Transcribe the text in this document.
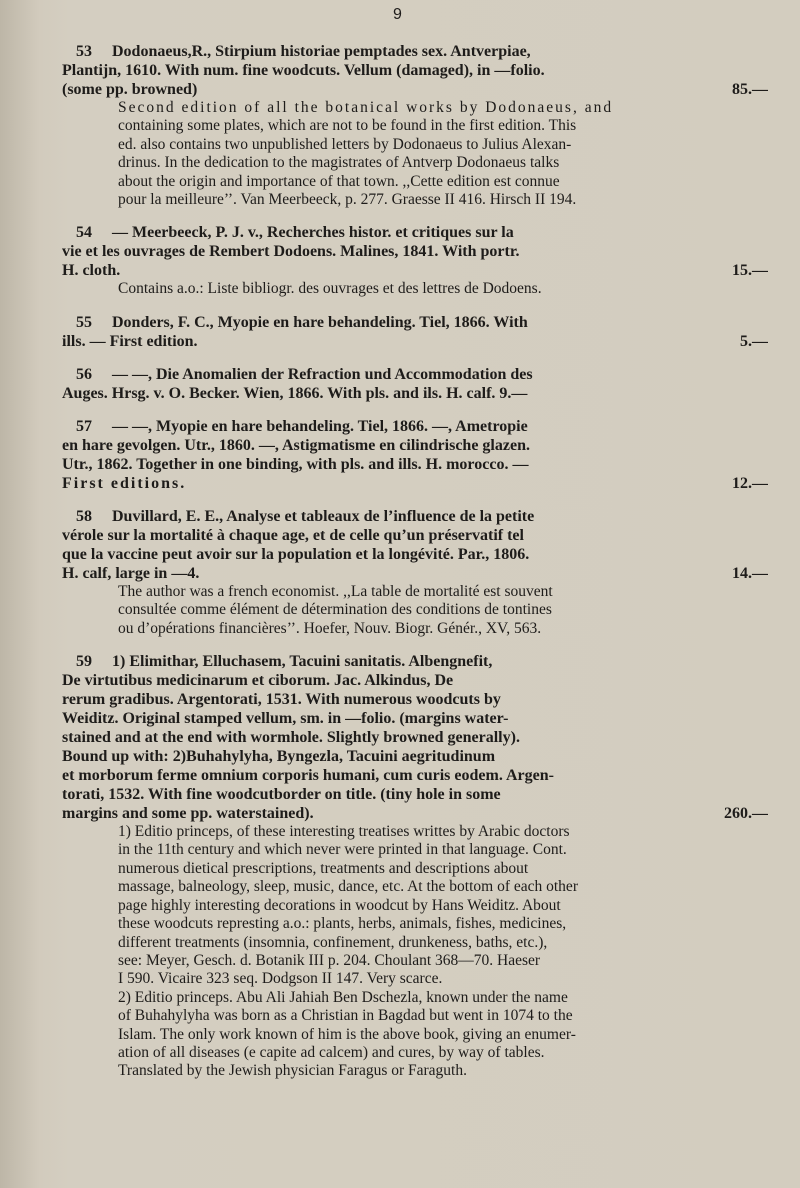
9

53 Dodonaeus,R., Stirpium historiae pemptades sex. Antverpiae,

Plantijn, 1610. With num. fine woodcuts. Vellum (damaged), in —folio.

(some pp. browned)	85.—

Second edition of all the botanical works by Dodonaeus, and

containing some plates, which are not to be found in the first edition. This

ed. also contains two unpublished letters by Dodonaeus to Julius Alexan-

drinus. In the dedication to the magistrates of Antverp Dodonaeus talks

about the origin and importance of that town. ,,Cette edition est connue

pour la meilleure’’. Van Meerbeeck, p. 277. Graesse II 416. Hirsch II 194.

54 — Meerbeeck, P. J. v., Recherches histor. et critiques sur la

vie et les ouvrages de Rembert Dodoens. Malines, 1841. With portr.

H. cloth.	15.—

Contains a.o.: Liste bibliogr. des ouvrages et des lettres de Dodoens.

55 Donders, F. C., Myopie en hare behandeling. Tiel, 1866. With

ills. — First edition.	5.—

56 — —, Die Anomalien der Refraction und Accommodation des

Auges. Hrsg. v. O. Becker. Wien, 1866. With pls. and ils. H. calf. 9.—

57 — —, Myopie en hare behandeling. Tiel, 1866. —, Ametropie

en hare gevolgen. Utr., 1860. —, Astigmatisme en cilindrische glazen.

Utr., 1862. Together in one binding, with pls. and ills. H. morocco. —

First editions.	12.—

58 Duvillard, E. E., Analyse et tableaux de l’influence de la petite

vérole sur la mortalité à chaque age, et de celle qu’un préservatif tel

que la vaccine peut avoir sur la population et la longévité. Par., 1806.

H. calf, large in —4.	14.—

The author was a french economist. ,,La table de mortalité est souvent

consultée comme élément de détermination des conditions de tontines

ou d’opérations financières’’. Hoefer, Nouv. Biogr. Génér., XV, 563.

59 1) Elimithar, Elluchasem, Tacuini sanitatis. Albengnefit,

De virtutibus medicinarum et ciborum. Jac. Alkindus, De

rerum gradibus. Argentorati, 1531. With numerous woodcuts by

Weiditz. Original stamped vellum, sm. in —folio. (margins water-

stained and at the end with wormhole. Slightly browned generally).

Bound up with: 2)Buhahylyha, Byngezla, Tacuini aegritudinum

et morborum ferme omnium corporis humani, cum curis eodem. Argen-

torati, 1532. With fine woodcutborder on title. (tiny hole in some

margins and some pp. waterstained).	260.—

1) Editio princeps, of these interesting treatises writtes by Arabic doctors

in the 11th century and which never were printed in that language. Cont.

numerous dietical prescriptions, treatments and descriptions about

massage, balneology, sleep, music, dance, etc. At the bottom of each other

page highly interesting decorations in woodcut by Hans Weiditz. About

these woodcuts represting a.o.: plants, herbs, animals, fishes, medicines,

different treatments (insomnia, confinement, drunkeness, baths, etc.),

see: Meyer, Gesch. d. Botanik III p. 204. Choulant 368—70. Haeser

I 590. Vicaire 323 seq. Dodgson II 147. Very scarce.

2) Editio princeps. Abu Ali Jahiah Ben Dschezla, known under the name

of Buhahylyha was born as a Christian in Bagdad but went in 1074 to the

Islam. The only work known of him is the above book, giving an enumer-

ation of all diseases (e capite ad calcem) and cures, by way of tables.

Translated by the Jewish physician Faragus or Faraguth.
